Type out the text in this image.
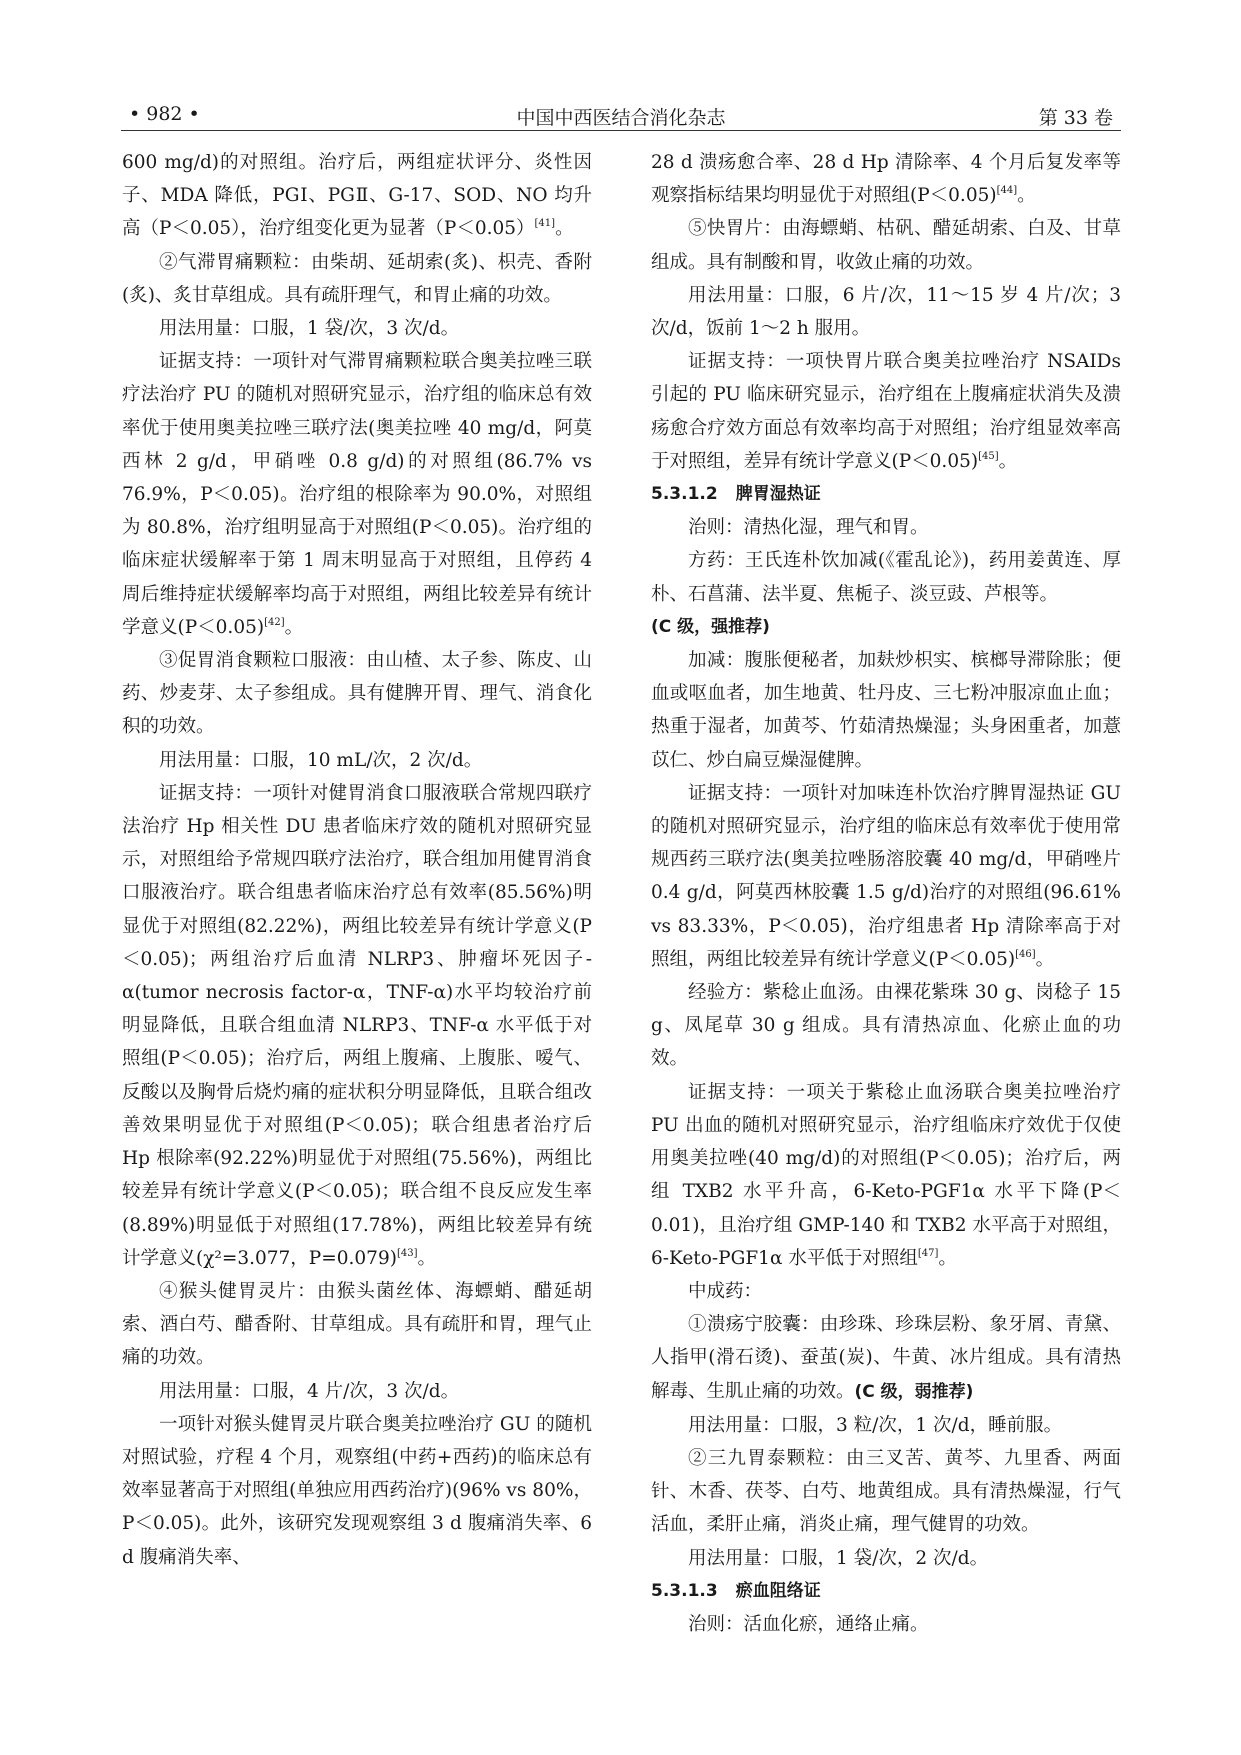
• 982 •	中国中西医结合消化杂志	第 33 卷

600 mg/d)的对照组。治疗后，两组症状评分、炎性因子、MDA 降低，PGⅠ、PGⅡ、G-17、SOD、NO 均升高（P＜0.05），治疗组变化更为显著（P＜0.05）[41]。

②气滞胃痛颗粒：由柴胡、延胡索(炙)、枳壳、香附(炙)、炙甘草组成。具有疏肝理气，和胃止痛的功效。

用法用量：口服，1 袋/次，3 次/d。

证据支持：一项针对气滞胃痛颗粒联合奥美拉唑三联疗法治疗 PU 的随机对照研究显示，治疗组的临床总有效率优于使用奥美拉唑三联疗法(奥美拉唑 40 mg/d，阿莫西林 2 g/d，甲硝唑 0.8 g/d)的对照组(86.7% vs 76.9%，P＜0.05)。治疗组的根除率为 90.0%，对照组为 80.8%，治疗组明显高于对照组(P＜0.05)。治疗组的临床症状缓解率于第 1 周末明显高于对照组，且停药 4 周后维持症状缓解率均高于对照组，两组比较差异有统计学意义(P＜0.05)[42]。

③促胃消食颗粒口服液：由山楂、太子参、陈皮、山药、炒麦芽、太子参组成。具有健脾开胃、理气、消食化积的功效。

用法用量：口服，10 mL/次，2 次/d。

证据支持：一项针对健胃消食口服液联合常规四联疗法治疗 Hp 相关性 DU 患者临床疗效的随机对照研究显示，对照组给予常规四联疗法治疗，联合组加用健胃消食口服液治疗。联合组患者临床治疗总有效率(85.56%)明显优于对照组(82.22%)，两组比较差异有统计学意义(P＜0.05)；两组治疗后血清 NLRP3、肿瘤坏死因子-α(tumor necrosis factor-α，TNF-α)水平均较治疗前明显降低，且联合组血清 NLRP3、TNF-α 水平低于对照组(P＜0.05)；治疗后，两组上腹痛、上腹胀、嗳气、反酸以及胸骨后烧灼痛的症状积分明显降低，且联合组改善效果明显优于对照组(P＜0.05)；联合组患者治疗后 Hp 根除率(92.22%)明显优于对照组(75.56%)，两组比较差异有统计学意义(P＜0.05)；联合组不良反应发生率(8.89%)明显低于对照组(17.78%)，两组比较差异有统计学意义(χ²=3.077，P=0.079)[43]。

④猴头健胃灵片：由猴头菌丝体、海螵蛸、醋延胡索、酒白芍、醋香附、甘草组成。具有疏肝和胃，理气止痛的功效。

用法用量：口服，4 片/次，3 次/d。

一项针对猴头健胃灵片联合奥美拉唑治疗 GU 的随机对照试验，疗程 4 个月，观察组(中药+西药)的临床总有效率显著高于对照组(单独应用西药治疗)(96% vs 80%，P＜0.05)。此外，该研究发现观察组 3 d 腹痛消失率、6 d 腹痛消失率、

28 d 溃疡愈合率、28 d Hp 清除率、4 个月后复发率等观察指标结果均明显优于对照组(P＜0.05)[44]。

⑤快胃片：由海螵蛸、枯矾、醋延胡索、白及、甘草组成。具有制酸和胃，收敛止痛的功效。

用法用量：口服，6 片/次，11～15 岁 4 片/次；3 次/d，饭前 1～2 h 服用。

证据支持：一项快胃片联合奥美拉唑治疗 NSAIDs 引起的 PU 临床研究显示，治疗组在上腹痛症状消失及溃疡愈合疗效方面总有效率均高于对照组；治疗组显效率高于对照组，差异有统计学意义(P＜0.05)[45]。

5.3.1.2 脾胃湿热证

治则：清热化湿，理气和胃。

方药：王氏连朴饮加减(《霍乱论》)，药用姜黄连、厚朴、石菖蒲、法半夏、焦栀子、淡豆豉、芦根等。

(C 级，强推荐)

加减：腹胀便秘者，加麸炒枳实、槟榔导滞除胀；便血或呕血者，加生地黄、牡丹皮、三七粉冲服凉血止血；热重于湿者，加黄芩、竹茹清热燥湿；头身困重者，加薏苡仁、炒白扁豆燥湿健脾。

证据支持：一项针对加味连朴饮治疗脾胃湿热证 GU 的随机对照研究显示，治疗组的临床总有效率优于使用常规西药三联疗法(奥美拉唑肠溶胶囊 40 mg/d，甲硝唑片 0.4 g/d，阿莫西林胶囊 1.5 g/d)治疗的对照组(96.61% vs 83.33%，P＜0.05)，治疗组患者 Hp 清除率高于对照组，两组比较差异有统计学意义(P＜0.05)[46]。

经验方：紫稔止血汤。由裸花紫珠 30 g、岗稔子 15 g、凤尾草 30 g 组成。具有清热凉血、化瘀止血的功效。

证据支持：一项关于紫稔止血汤联合奥美拉唑治疗 PU 出血的随机对照研究显示，治疗组临床疗效优于仅使用奥美拉唑(40 mg/d)的对照组(P＜0.05)；治疗后，两组 TXB2 水平升高，6-Keto-PGF1α 水平下降(P＜0.01)，且治疗组 GMP-140 和 TXB2 水平高于对照组，6-Keto-PGF1α 水平低于对照组[47]。

中成药：

①溃疡宁胶囊：由珍珠、珍珠层粉、象牙屑、青黛、人指甲(滑石烫)、蚕茧(炭)、牛黄、冰片组成。具有清热解毒、生肌止痛的功效。(C 级，弱推荐)

用法用量：口服，3 粒/次，1 次/d，睡前服。

②三九胃泰颗粒：由三叉苦、黄芩、九里香、两面针、木香、茯苓、白芍、地黄组成。具有清热燥湿，行气活血，柔肝止痛，消炎止痛，理气健胃的功效。

用法用量：口服，1 袋/次，2 次/d。

5.3.1.3 瘀血阻络证

治则：活血化瘀，通络止痛。
